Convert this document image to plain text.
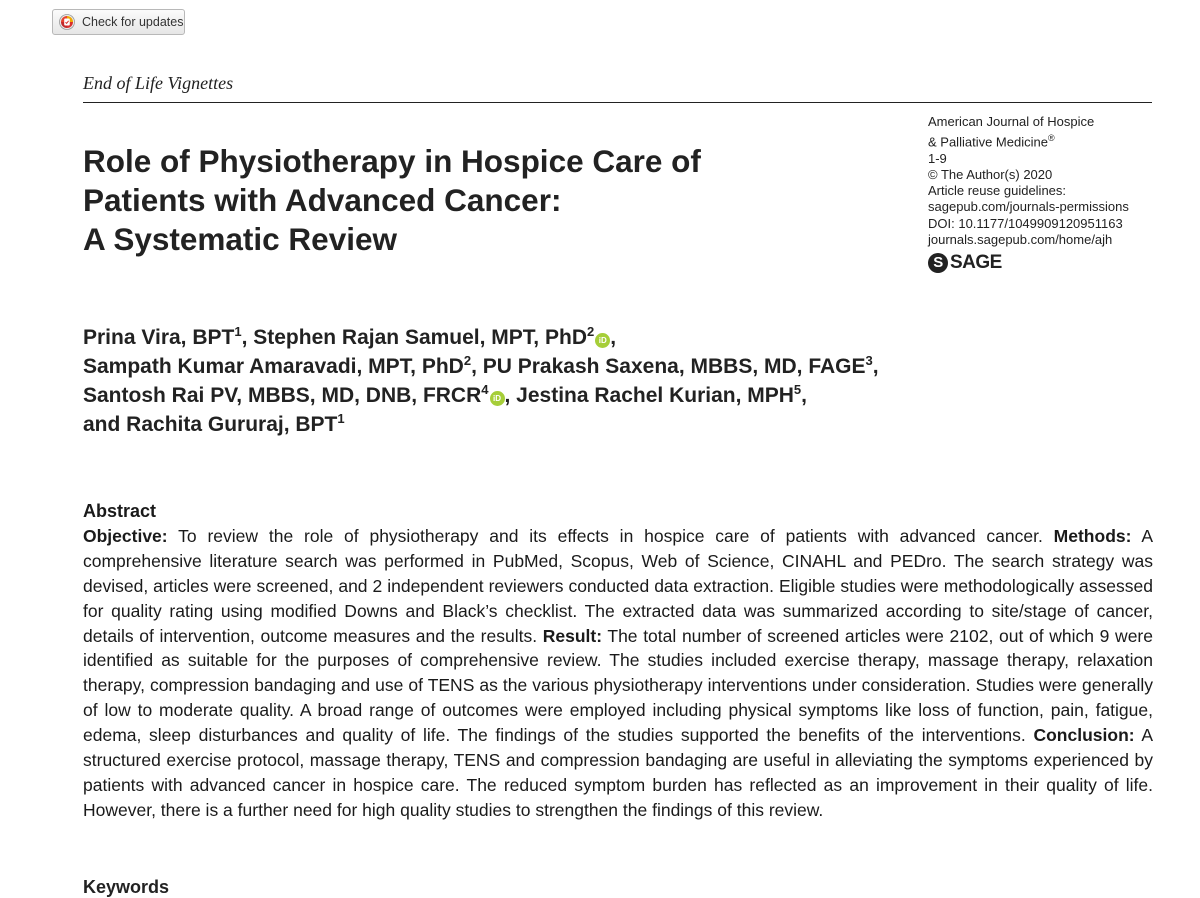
Check for updates
End of Life Vignettes
American Journal of Hospice
& Palliative Medicine®
1-9
© The Author(s) 2020
Article reuse guidelines:
sagepub.com/journals-permissions
DOI: 10.1177/1049909120951163
journals.sagepub.com/home/ajh
S SAGE
Role of Physiotherapy in Hospice Care of
Patients with Advanced Cancer:
A Systematic Review
Prina Vira, BPT$^1$, Stephen Rajan Samuel, MPT, PhD$^2$iD ,
Sampath Kumar Amaravadi, MPT, PhD$^2$, PU Prakash Saxena, MBBS, MD, FAGE$^3$,
Santosh Rai PV, MBBS, MD, DNB, FRCR$^4$iD , Jestina Rachel Kurian, MPH$^5$,
and Rachita Gururaj, BPT$^1$
Abstract
Objective: To review the role of physiotherapy and its effects in hospice care of patients with advanced cancer. Methods: A comprehensive literature search was performed in PubMed, Scopus, Web of Science, CINAHL and PEDro. The search strategy was devised, articles were screened, and 2 independent reviewers conducted data extraction. Eligible studies were methodologically assessed for quality rating using modified Downs and Black’s checklist. The extracted data was summarized according to site/stage of cancer, details of intervention, outcome measures and the results. Result: The total number of screened articles were 2102, out of which 9 were identified as suitable for the purposes of comprehensive review. The studies included exercise therapy, massage therapy, relaxation therapy, compression bandaging and use of TENS as the various physiotherapy interventions under consideration. Studies were generally of low to moderate quality. A broad range of outcomes were employed including physical symptoms like loss of function, pain, fatigue, edema, sleep disturbances and quality of life. The findings of the studies supported the benefits of the interventions. Conclusion: A structured exercise protocol, massage therapy, TENS and compression bandaging are useful in alleviating the symptoms experienced by patients with advanced cancer in hospice care. The reduced symptom burden has reflected as an improvement in their quality of life. However, there is a further need for high quality studies to strengthen the findings of this review.
Keywords
